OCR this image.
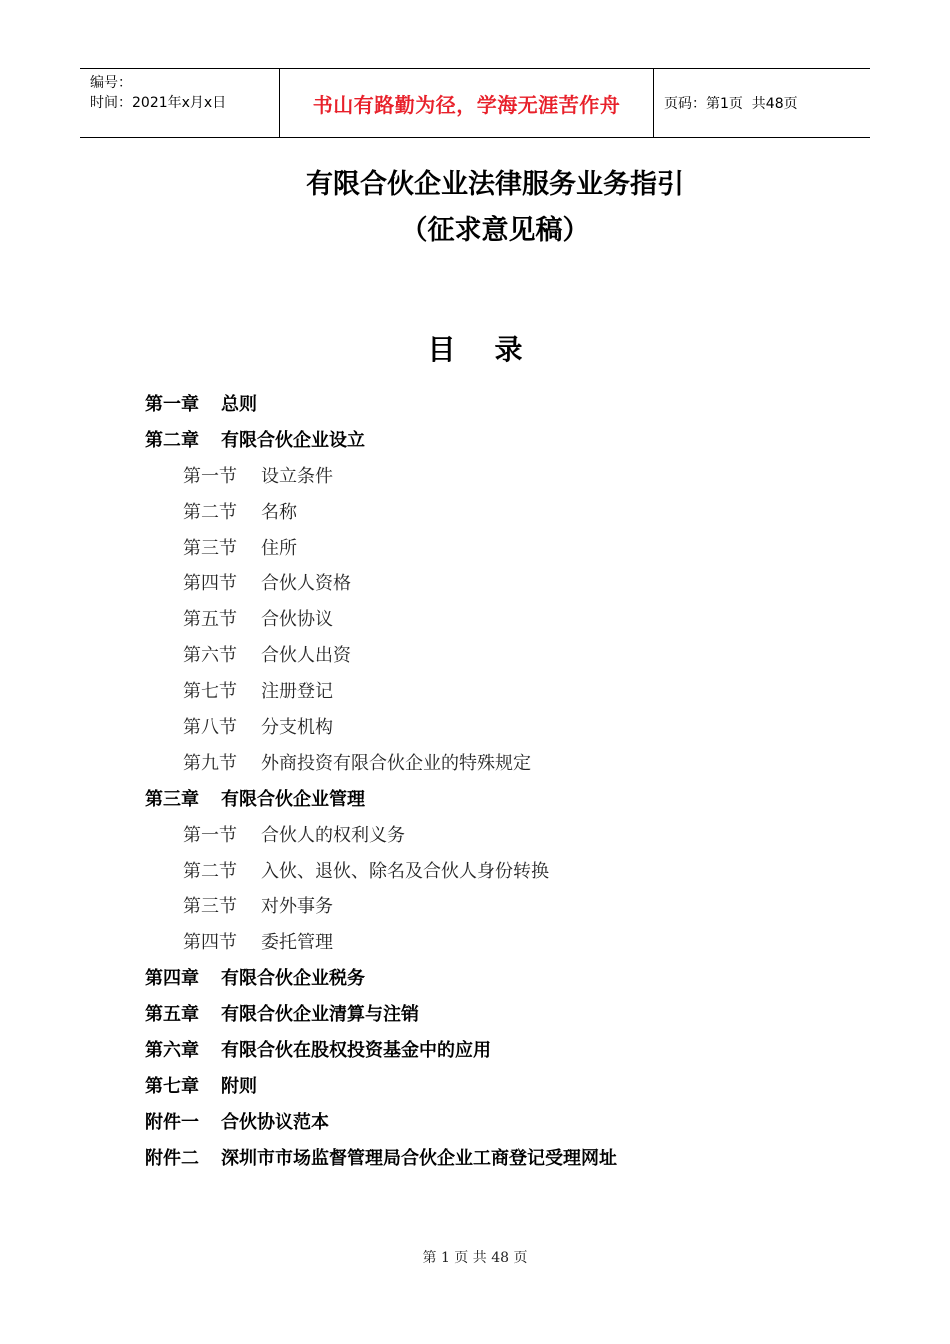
编号：
时间：2021年x月x日	书山有路勤为径，学海无涯苦作舟	页码：第1页  共48页
有限合伙企业法律服务业务指引
（征求意见稿）
目    录
第一章 总则
第二章 有限合伙企业设立
第一节 设立条件
第二节 名称
第三节 住所
第四节 合伙人资格
第五节 合伙协议
第六节 合伙人出资
第七节 注册登记
第八节 分支机构
第九节 外商投资有限合伙企业的特殊规定
第三章 有限合伙企业管理
第一节 合伙人的权利义务
第二节 入伙、退伙、除名及合伙人身份转换
第三节 对外事务
第四节 委托管理
第四章 有限合伙企业税务
第五章 有限合伙企业清算与注销
第六章 有限合伙在股权投资基金中的应用
第七章 附则
附件一 合伙协议范本
附件二 深圳市市场监督管理局合伙企业工商登记受理网址
第 1 页 共 48 页
